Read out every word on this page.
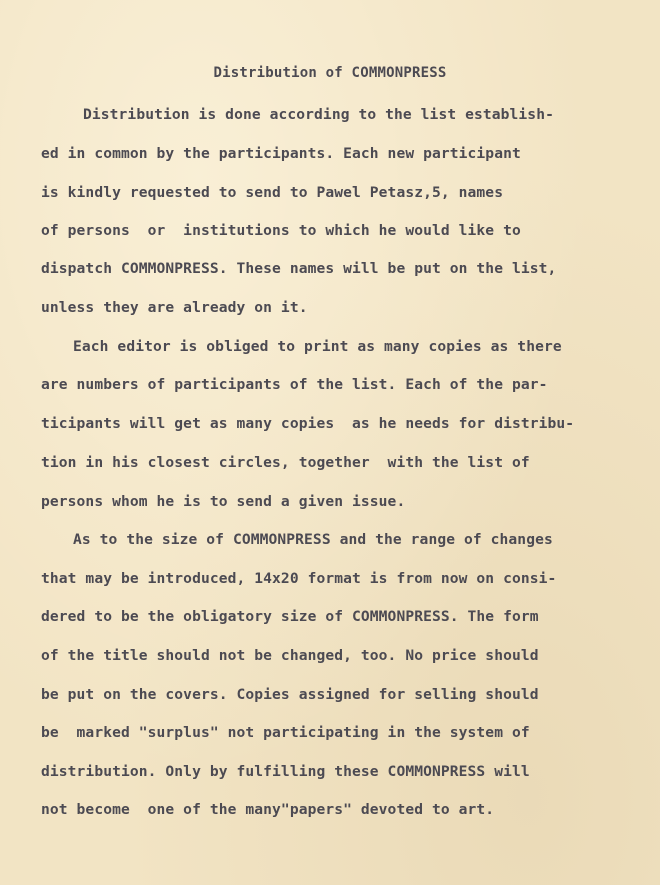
Distribution of COMMONPRESS
Distribution is done according to the list establish-
ed in common by the participants. Each new participant
is kindly requested to send to Pawel Petasz,5, names
of persons  or  institutions to which he would like to
dispatch COMMONPRESS. These names will be put on the list,
unless they are already on it.
Each editor is obliged to print as many copies as there
are numbers of participants of the list. Each of the par-
ticipants will get as many copies  as he needs for distribu-
tion in his closest circles, together  with the list of
persons whom he is to send a given issue.
As to the size of COMMONPRESS and the range of changes
that may be introduced, 14x20 format is from now on consi-
dered to be the obligatory size of COMMONPRESS. The form
of the title should not be changed, too. No price should
be put on the covers. Copies assigned for selling should
be  marked "surplus" not participating in the system of
distribution. Only by fulfilling these COMMONPRESS will
not become  one of the many"papers" devoted to art.
